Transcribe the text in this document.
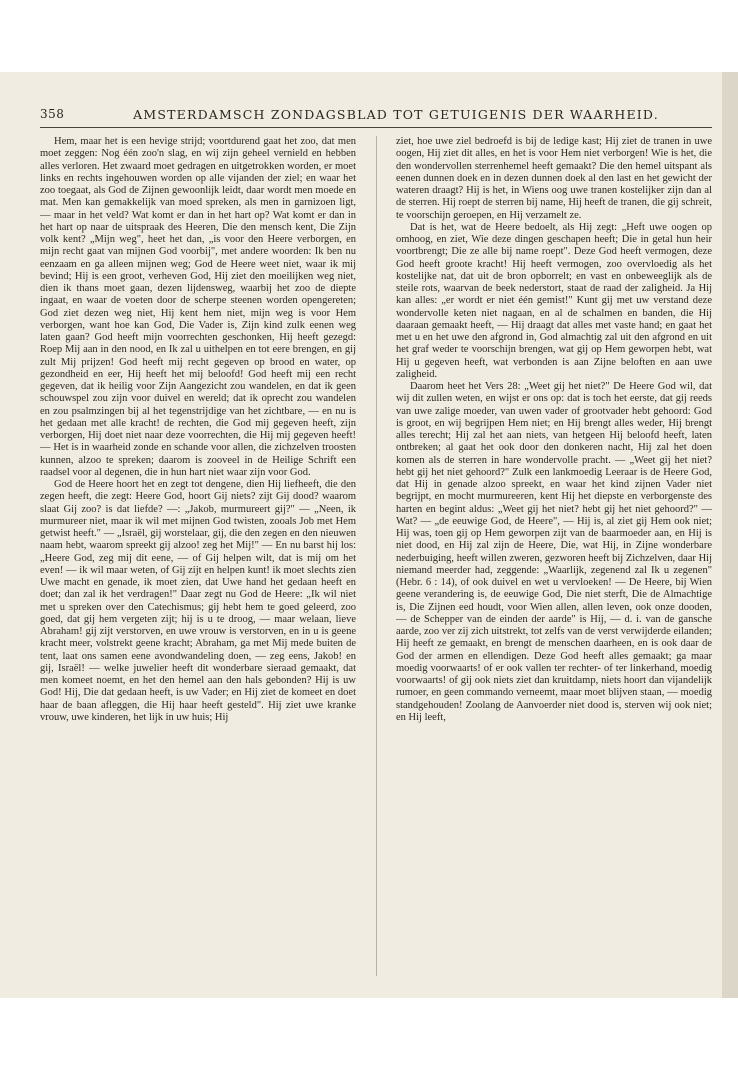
358	AMSTERDAMSCH ZONDAGSBLAD TOT GETUIGENIS DER WAARHEID.

Hem, maar het is een hevige strijd; voortdurend gaat het zoo, dat men moet zeggen: Nog één zoo'n slag, en wij zijn geheel vernield en hebben alles verloren. Het zwaard moet gedragen en uitgetrokken worden, er moet links en rechts ingehouwen worden op alle vijanden der ziel; en waar het zoo toegaat, als God de Zijnen gewoonlijk leidt, daar wordt men moede en mat. Men kan gemakkelijk van moed spreken, als men in garnizoen ligt, — maar in het veld? Wat komt er dan in het hart op? Wat komt er dan in het hart op naar de uitspraak des Heeren, Die den mensch kent, Die Zijn volk kent? „Mijn weg", heet het dan, „is voor den Heere verborgen, en mijn recht gaat van mijnen God voorbij", met andere woorden: Ik ben nu eenzaam en ga alleen mijnen weg; God de Heere weet niet, waar ik mij bevind; Hij is een groot, verheven God, Hij ziet den moeilijken weg niet, dien ik thans moet gaan, dezen lijdensweg, waarbij het zoo de diepte ingaat, en waar de voeten door de scherpe steenen worden opengereten; God ziet dezen weg niet, Hij kent hem niet, mijn weg is voor Hem verborgen, want hoe kan God, Die Vader is, Zijn kind zulk eenen weg laten gaan? God heeft mijn voorrechten geschonken, Hij heeft gezegd: Roep Mij aan in den nood, en Ik zal u uithelpen en tot eere brengen, en gij zult Mij prijzen! God heeft mij recht gegeven op brood en water, op gezondheid en eer, Hij heeft het mij beloofd! God heeft mij een recht gegeven, dat ik heilig voor Zijn Aangezicht zou wandelen, en dat ik geen schouwspel zou zijn voor duivel en wereld; dat ik oprecht zou wandelen en zou psalmzingen bij al het tegenstrijdige van het zichtbare, — en nu is het gedaan met alle kracht! de rechten, die God mij gegeven heeft, zijn verborgen, Hij doet niet naar deze voorrechten, die Hij mij gegeven heeft! — Het is in waarheid zonde en schande voor allen, die zichzelven troosten kunnen, alzoo te spreken; daarom is zooveel in de Heilige Schrift een raadsel voor al degenen, die in hun hart niet waar zijn voor God.

God de Heere hoort het en zegt tot dengene, dien Hij liefheeft, die den zegen heeft, die zegt: Heere God, hoort Gij niets? zijt Gij dood? waarom slaat Gij zoo? is dat liefde? —: „Jakob, murmureert gij?" — „Neen, ik murmureer niet, maar ik wil met mijnen God twisten, zooals Job met Hem getwist heeft." — „Israël, gij worstelaar, gij, die den zegen en den nieuwen naam hebt, waarom spreekt gij alzoo! zeg het Mij!" — En nu barst hij los: „Heere God, zeg mij dit eene, — of Gij helpen wilt, dat is mij om het even! — ik wil maar weten, of Gij zijt en helpen kunt! ik moet slechts zien Uwe macht en genade, ik moet zien, dat Uwe hand het gedaan heeft en doet; dan zal ik het verdragen!" Daar zegt nu God de Heere: „Ik wil niet met u spreken over den Catechismus; gij hebt hem te goed geleerd, zoo goed, dat gij hem vergeten zijt; hij is u te droog, — maar welaan, lieve Abraham! gij zijt verstorven, en uwe vrouw is verstorven, en in u is geene kracht meer, volstrekt geene kracht; Abraham, ga met Mij mede buiten de tent, laat ons samen eene avondwandeling doen, — zeg eens, Jakob! en gij, Israël! — welke juwelier heeft dit wonderbare sieraad gemaakt, dat men komeet noemt, en het den hemel aan den hals gebonden? Hij is uw God! Hij, Die dat gedaan heeft, is uw Vader; en Hij ziet de komeet en doet haar de baan afleggen, die Hij haar heeft gesteld". Hij ziet uwe kranke vrouw, uwe kinderen, het lijk in uw huis; Hij

ziet, hoe uwe ziel bedroefd is bij de ledige kast; Hij ziet de tranen in uwe oogen, Hij ziet dit alles, en het is voor Hem niet verborgen! Wie is het, die den wondervollen sterrenhemel heeft gemaakt? Die den hemel uitspant als eenen dunnen doek en in dezen dunnen doek al den last en het gewicht der wateren draagt? Hij is het, in Wiens oog uwe tranen kostelijker zijn dan al de sterren. Hij roept de sterren bij name, Hij heeft de tranen, die gij schreit, te voorschijn geroepen, en Hij verzamelt ze.

Dat is het, wat de Heere bedoelt, als Hij zegt: „Heft uwe oogen op omhoog, en ziet, Wie deze dingen geschapen heeft; Die in getal hun heir voortbrengt; Die ze alle bij name roept". Deze God heeft vermogen, deze God heeft groote kracht! Hij heeft vermogen, zoo overvloedig als het kostelijke nat, dat uit de bron opborrelt; en vast en onbeweeglijk als de steile rots, waarvan de beek nederstort, staat de raad der zaligheid. Ja Hij kan alles: „er wordt er niet één gemist!" Kunt gij met uw verstand deze wondervolle keten niet nagaan, en al de schalmen en banden, die Hij daaraan gemaakt heeft, — Hij draagt dat alles met vaste hand; en gaat het met u en het uwe den afgrond in, God almachtig zal uit den afgrond en uit het graf weder te voorschijn brengen, wat gij op Hem geworpen hebt, wat Hij u gegeven heeft, wat verbonden is aan Zijne beloften en aan uwe zaligheid.

Daarom heet het Vers 28: „Weet gij het niet?" De Heere God wil, dat wij dit zullen weten, en wijst er ons op: dat is toch het eerste, dat gij reeds van uwe zalige moeder, van uwen vader of grootvader hebt gehoord: God is groot, en wij begrijpen Hem niet; en Hij brengt alles weder, Hij brengt alles terecht; Hij zal het aan niets, van hetgeen Hij beloofd heeft, laten ontbreken; al gaat het ook door den donkeren nacht, Hij zal het doen komen als de sterren in hare wondervolle pracht. — „Weet gij het niet? hebt gij het niet gehoord?" Zulk een lankmoedig Leeraar is de Heere God, dat Hij in genade alzoo spreekt, en waar het kind zijnen Vader niet begrijpt, en mocht murmureeren, kent Hij het diepste en verborgenste des harten en begint aldus: „Weet gij het niet? hebt gij het niet gehoord?" — Wat? — „de eeuwige God, de Heere", — Hij is, al ziet gij Hem ook niet; Hij was, toen gij op Hem geworpen zijt van de baarmoeder aan, en Hij is niet dood, en Hij zal zijn de Heere, Die, wat Hij, in Zijne wonderbare nederbuiging, heeft willen zweren, gezworen heeft bij Zichzelven, daar Hij niemand meerder had, zeggende: „Waarlijk, zegenend zal Ik u zegenen" (Hebr. 6 : 14), of ook duivel en wet u vervloeken! — De Heere, bij Wien geene verandering is, de eeuwige God, Die niet sterft, Die de Almachtige is, Die Zijnen eed houdt, voor Wien allen, allen leven, ook onze dooden, — de Schepper van de einden der aarde" is Hij, — d. i. van de gansche aarde, zoo ver zij zich uitstrekt, tot zelfs van de verst verwijderde eilanden; Hij heeft ze gemaakt, en brengt de menschen daarheen, en is ook daar de God der armen en ellendigen. Deze God heeft alles gemaakt; ga maar moedig voorwaarts! of er ook vallen ter rechter- of ter linkerhand, moedig voorwaarts! of gij ook niets ziet dan kruitdamp, niets hoort dan vijandelijk rumoer, en geen commando verneemt, maar moet blijven staan, — moedig standgehouden! Zoolang de Aanvoerder niet dood is, sterven wij ook niet; en Hij leeft,
